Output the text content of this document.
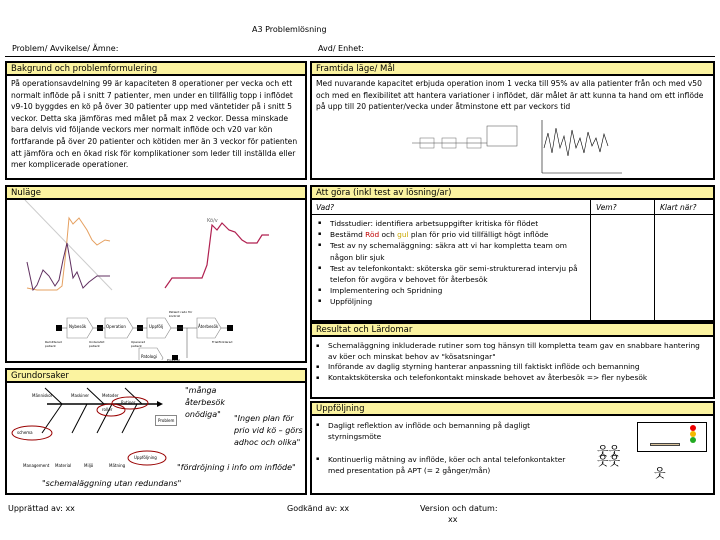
A3 Problemlösning
Problem/ Avvikelse/ Ämne:	Avd/ Enhet:
Bakgrund och problemformulering
På operationsavdelning 99 är kapaciteten 8 operationer per vecka och ett normalt inflöde på i snitt 7 patienter, men under en tillfällig topp i inflödet v9-10 byggdes en kö på över 30 patienter upp med väntetider på i snitt 5 veckor. Detta ska jämföras med målet på max 2 veckor. Dessa minskade bara delvis vid följande veckors mer normalt inflöde och v20 var kön fortfarande på över 20 patienter och kötiden mer än 3 veckor för patienten att jämföra och en ökad risk för komplikationer som leder till inställda eller mer komplicerade operationer.
Nuläge
Kö/v
Nybesök	Operation	Uppfölj	Återbesök
Patologi
Remitterad patient
Undersökt patient
Opererad patient
Patient redo för kontroll
Friskförklarad
Provsvar
Grundorsaker
Människor	Maskiner	Metoder
Management Material	Miljö	Mätning
Problem
Rutiner
roller
schema
Uppföljning
"många återbesök onödiga"	"Ingen plan för prio vid kö – görs adhoc och olika"
"fördröjning i info om inflöde"
"schemaläggning utan redundans"
Framtida läge/ Mål
Med nuvarande kapacitet erbjuda operation inom 1 vecka till 95% av alla patienter från och med v50 och med en flexibilitet att hantera variationer i inflödet, där målet är att kunna ta hand om ett inflöde på upp till 20 patienter/vecka under åtminstone ett par veckors tid
Att göra (inkl test av lösning/ar)
Vad?	Vem?	Klart när?
▪ Tidsstudier: identifiera arbetsuppgifter kritiska för flödet
▪ Bestämd Röd och gul plan för prio vid tillfälligt högt inflöde
▪ Test av ny schemaläggning: säkra att vi har kompletta team om någon blir sjuk
▪ Test av telefonkontakt: sköterska gör semi-strukturerad intervju på telefon för avgöra v behovet för återbesök
▪ Implementering och Spridning
▪ Uppföljning
Resultat och Lärdomar
▪ Schemaläggning inkluderade rutiner som tog hänsyn till kompletta team gav en snabbare hantering av köer och minskat behov av "kösatsningar"
▪ Införande av daglig styrning hanterar anpassning till faktiskt inflöde och bemanning
▪ Kontaktsköterska och telefonkontakt minskade behovet av återbesök => fler nybesök
Uppföljning
▪ Dagligt reflektion av inflöde och bemanning på dagligt styrningsmöte
▪ Kontinuerlig mätning av inflöde, köer och antal telefonkontakter med presentation på APT (= 2 gånger/mån)
웃웃
웃웃
웃
Upprättad av: xx	Godkänd av: xx	Version och datum:
xx
